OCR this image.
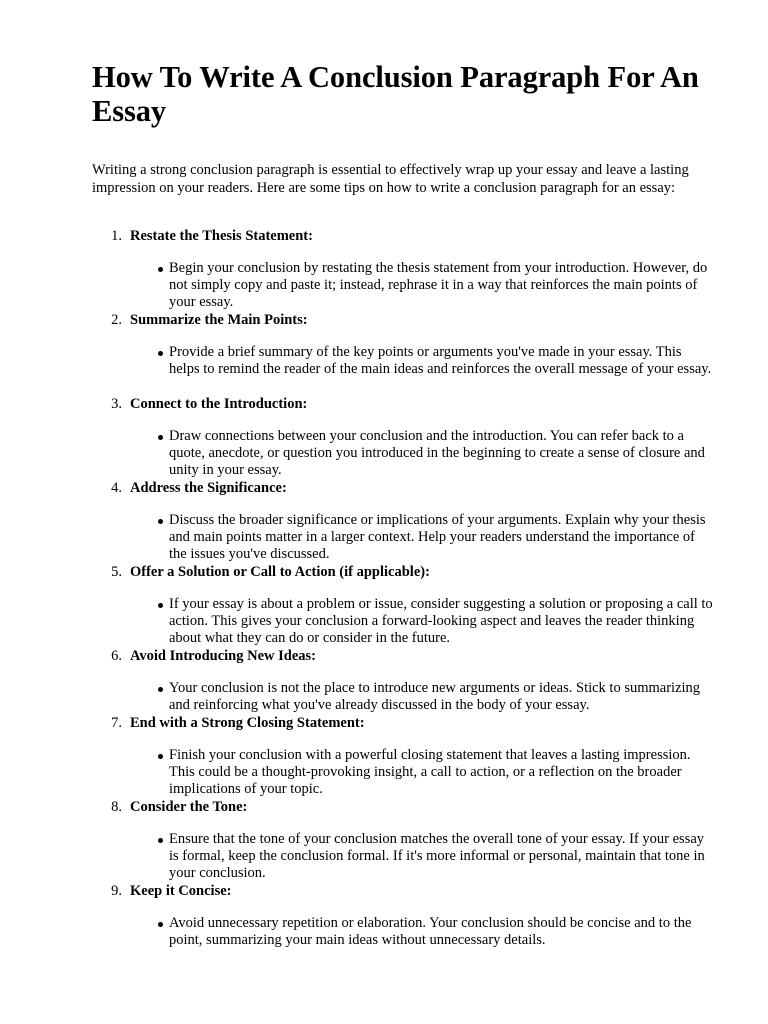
How To Write A Conclusion Paragraph For An Essay

Writing a strong conclusion paragraph is essential to effectively wrap up your essay and leave a lasting impression on your readers. Here are some tips on how to write a conclusion paragraph for an essay:

1. Restate the Thesis Statement:
Begin your conclusion by restating the thesis statement from your introduction. However, do not simply copy and paste it; instead, rephrase it in a way that reinforces the main points of your essay.
2. Summarize the Main Points:
Provide a brief summary of the key points or arguments you've made in your essay. This helps to remind the reader of the main ideas and reinforces the overall message of your essay.
3. Connect to the Introduction:
Draw connections between your conclusion and the introduction. You can refer back to a quote, anecdote, or question you introduced in the beginning to create a sense of closure and unity in your essay.
4. Address the Significance:
Discuss the broader significance or implications of your arguments. Explain why your thesis and main points matter in a larger context. Help your readers understand the importance of the issues you've discussed.
5. Offer a Solution or Call to Action (if applicable):
If your essay is about a problem or issue, consider suggesting a solution or proposing a call to action. This gives your conclusion a forward-looking aspect and leaves the reader thinking about what they can do or consider in the future.
6. Avoid Introducing New Ideas:
Your conclusion is not the place to introduce new arguments or ideas. Stick to summarizing and reinforcing what you've already discussed in the body of your essay.
7. End with a Strong Closing Statement:
Finish your conclusion with a powerful closing statement that leaves a lasting impression. This could be a thought-provoking insight, a call to action, or a reflection on the broader implications of your topic.
8. Consider the Tone:
Ensure that the tone of your conclusion matches the overall tone of your essay. If your essay is formal, keep the conclusion formal. If it's more informal or personal, maintain that tone in your conclusion.
9. Keep it Concise:
Avoid unnecessary repetition or elaboration. Your conclusion should be concise and to the point, summarizing your main ideas without unnecessary details.
